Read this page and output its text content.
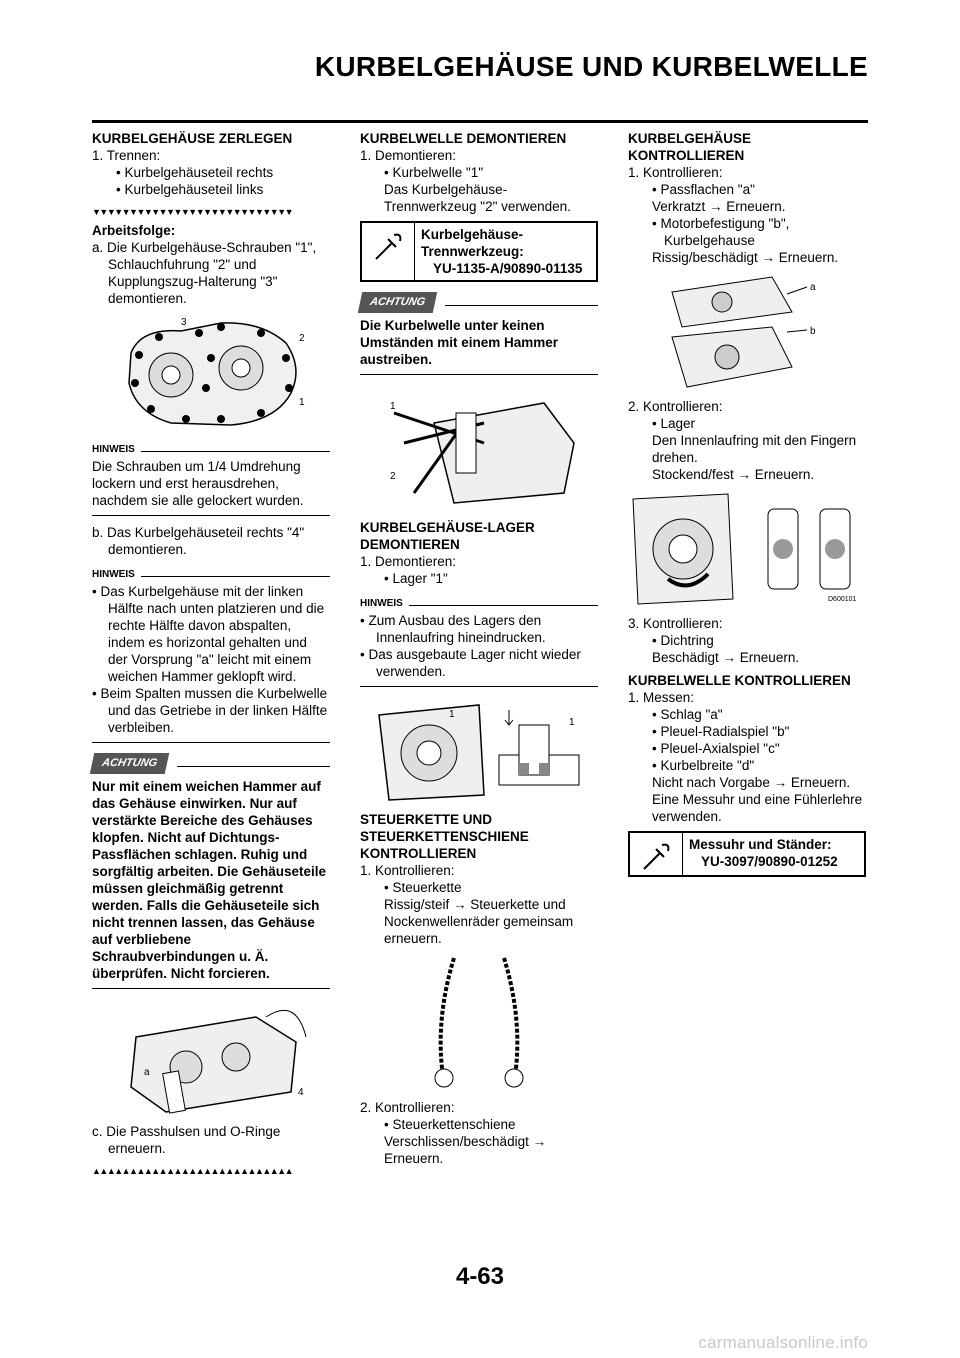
KURBELGEHÄUSE UND KURBELWELLE

KURBELGEHÄUSE ZERLEGEN

1. Trennen:

• Kurbelgehäuseteil rechts

• Kurbelgehäuseteil links

▼▼▼▼▼▼▼▼▼▼▼▼▼▼▼▼▼▼▼▼▼▼▼▼▼▼▼

Arbeitsfolge:

a. Die Kurbelgehäuse-Schrauben "1", Schlauchfuhrung "2" und Kupplungszug-Halterung "3" demontieren.

3
2
1
HINWEIS

Die Schrauben um 1/4 Umdrehung lockern und erst herausdrehen, nachdem sie alle gelockert wurden.

b. Das Kurbelgehäuseteil rechts "4" demontieren.

HINWEIS

• Das Kurbelgehäuse mit der linken Hälfte nach unten platzieren und die rechte Hälfte davon abspalten, indem es horizontal gehalten und der Vorsprung "a" leicht mit einem weichen Hammer geklopft wird.

• Beim Spalten mussen die Kurbelwelle und das Getriebe in der linken Hälfte verbleiben.

ACHTUNG

Nur mit einem weichen Hammer auf das Gehäuse einwirken. Nur auf verstärkte Bereiche des Gehäuses klopfen. Nicht auf Dichtungs-Passflächen schlagen. Ruhig und sorgfältig arbeiten. Die Gehäuseteile müssen gleichmäßig getrennt werden. Falls die Gehäuseteile sich nicht trennen lassen, das Gehäuse auf verbliebene Schraubverbindungen u. Ä. überprüfen. Nicht forcieren.

a
4

c. Die Passhulsen und O-Ringe erneuern.

▲▲▲▲▲▲▲▲▲▲▲▲▲▲▲▲▲▲▲▲▲▲▲▲▲▲▲

KURBELWELLE DEMONTIEREN

1. Demontieren:

• Kurbelwelle "1"

Das Kurbelgehäuse-Trennwerkzeug "2" verwenden.

Kurbelgehäuse-Trennwerkzeug:
YU-1135-A/90890-01135
ACHTUNG

Die Kurbelwelle unter keinen Umständen mit einem Hammer austreiben.

1
2

KURBELGEHÄUSE-LAGER DEMONTIEREN

1. Demontieren:

• Lager "1"

HINWEIS

• Zum Ausbau des Lagers den Innenlaufring hineindrucken.

• Das ausgebaute Lager nicht wieder verwenden.

1
1

STEUERKETTE UND STEUERKETTENSCHIENE KONTROLLIEREN

1. Kontrollieren:

• Steuerkette

Rissig/steif → Steuerkette und Nockenwellenräder gemeinsam erneuern.

2. Kontrollieren:

• Steuerkettenschiene

Verschlissen/beschädigt → Erneuern.

KURBELGEHÄUSE KONTROLLIEREN

1. Kontrollieren:

• Passflachen "a"

Verkratzt → Erneuern.

• Motorbefestigung "b", Kurbelgehause

Rissig/beschädigt → Erneuern.

a
b

2. Kontrollieren:

• Lager

Den Innenlaufring mit den Fingern drehen.

Stockend/fest → Erneuern.

D600101

3. Kontrollieren:

• Dichtring

Beschädigt → Erneuern.

KURBELWELLE KONTROLLIEREN

1. Messen:

• Schlag "a"

• Pleuel-Radialspiel "b"

• Pleuel-Axialspiel "c"

• Kurbelbreite "d"

Nicht nach Vorgabe → Erneuern.

Eine Messuhr und eine Fühlerlehre verwenden.

Messuhr und Ständer:
YU-3097/90890-01252
4-63
carmanualsonline.info
